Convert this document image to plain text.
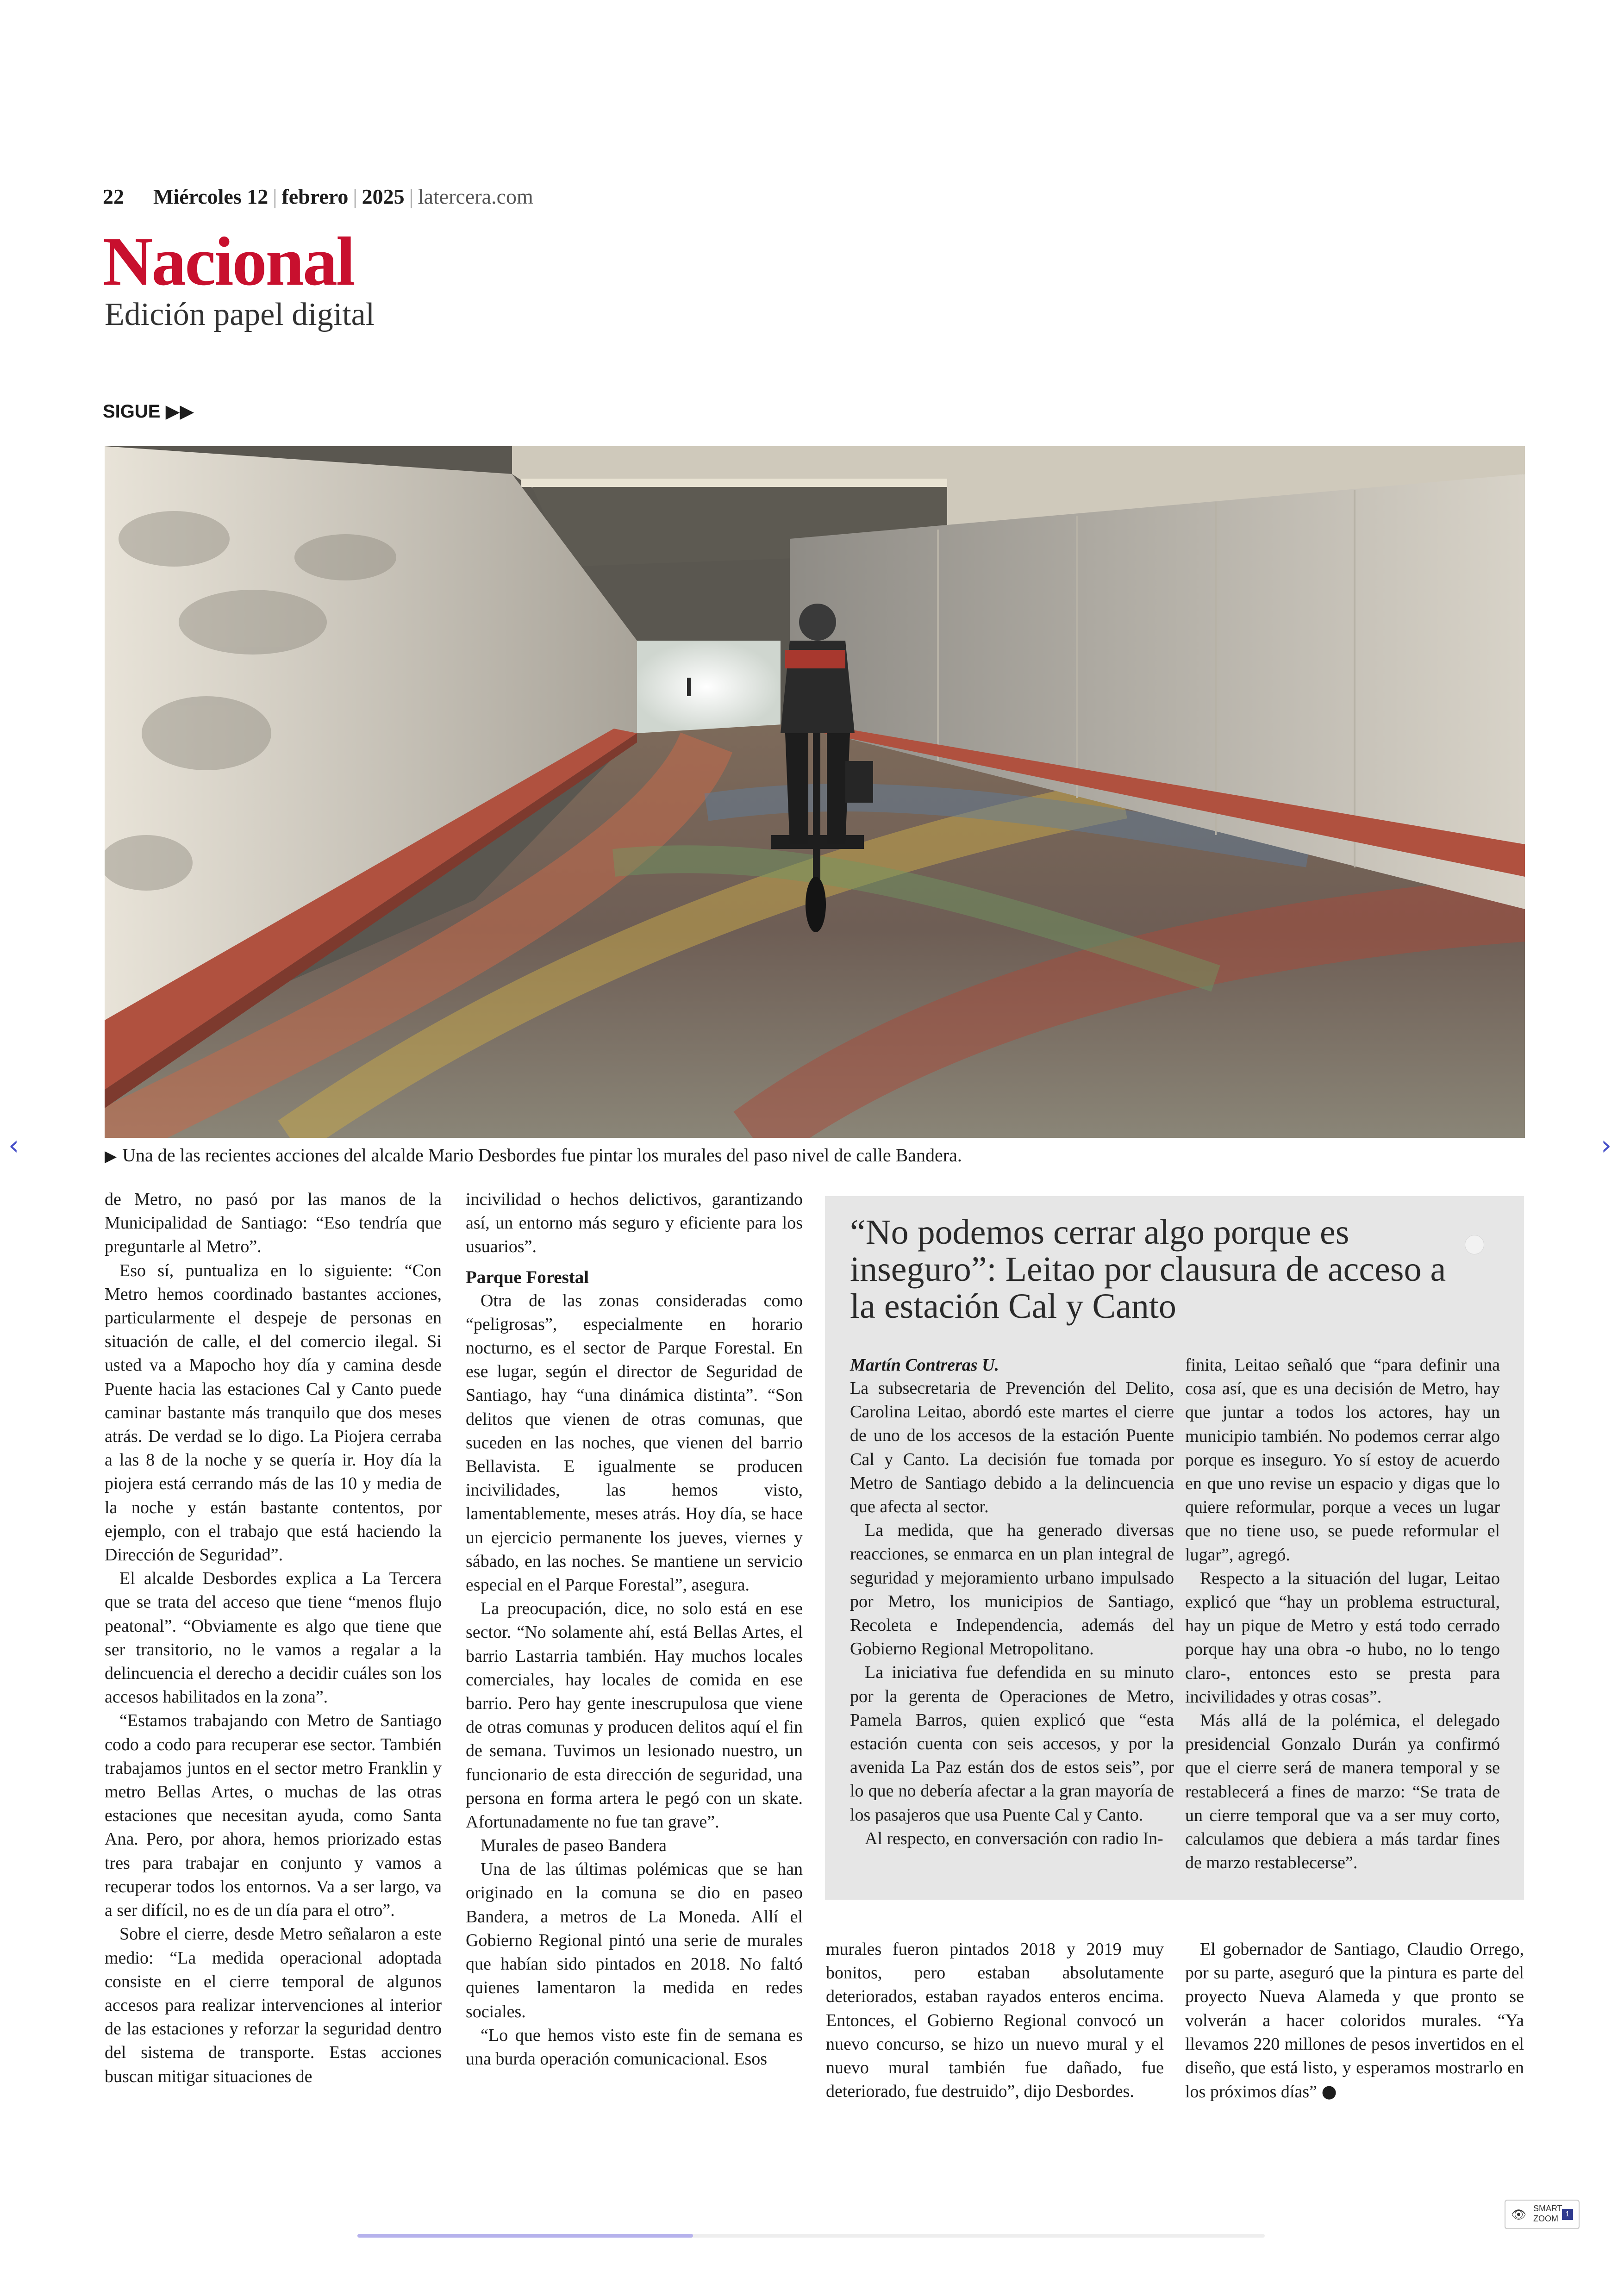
22 Miércoles 12 | febrero | 2025 | latercera.com
Nacional
Edición papel digital
SIGUE ▶▶
▶ Una de las recientes acciones del alcalde Mario Desbordes fue pintar los murales del paso nivel de calle Bandera.

de Metro, no pasó por las manos de la Municipalidad de Santiago: “Eso tendría que preguntarle al Metro”.

Eso sí, puntualiza en lo siguiente: “Con Metro hemos coordinado bastantes acciones, particularmente el despeje de personas en situación de calle, el del comercio ilegal. Si usted va a Mapocho hoy día y camina desde Puente hacia las estaciones Cal y Canto puede caminar bastante más tranquilo que dos meses atrás. De verdad se lo digo. La Piojera cerraba a las 8 de la noche y se quería ir. Hoy día la piojera está cerrando más de las 10 y media de la noche y están bastante contentos, por ejemplo, con el trabajo que está haciendo la Dirección de Seguridad”.

El alcalde Desbordes explica a La Tercera que se trata del acceso que tiene “menos flujo peatonal”. “Obviamente es algo que tiene que ser transitorio, no le vamos a regalar a la delincuencia el derecho a decidir cuáles son los accesos habilitados en la zona”.

“Estamos trabajando con Metro de Santiago codo a codo para recuperar ese sector. También trabajamos juntos en el sector metro Franklin y metro Bellas Artes, o muchas de las otras estaciones que necesitan ayuda, como Santa Ana. Pero, por ahora, hemos priorizado estas tres para trabajar en conjunto y vamos a recuperar todos los entornos. Va a ser largo, va a ser difícil, no es de un día para el otro”.

Sobre el cierre, desde Metro señalaron a este medio: “La medida operacional adoptada consiste en el cierre temporal de algunos accesos para realizar intervenciones al interior de las estaciones y reforzar la seguridad dentro del sistema de transporte. Estas acciones buscan mitigar situaciones de

incivilidad o hechos delictivos, garantizando así, un entorno más seguro y eficiente para los usuarios”.

Parque Forestal

Otra de las zonas consideradas como “peligrosas”, especialmente en horario nocturno, es el sector de Parque Forestal. En ese lugar, según el director de Seguridad de Santiago, hay “una dinámica distinta”. “Son delitos que vienen de otras comunas, que suceden en las noches, que vienen del barrio Bellavista. E igualmente se producen incivilidades, las hemos visto, lamentablemente, meses atrás. Hoy día, se hace un ejercicio permanente los jueves, viernes y sábado, en las noches. Se mantiene un servicio especial en el Parque Forestal”, asegura.

La preocupación, dice, no solo está en ese sector. “No solamente ahí, está Bellas Artes, el barrio Lastarria también. Hay muchos locales comerciales, hay locales de comida en ese barrio. Pero hay gente inescrupulosa que viene de otras comunas y producen delitos aquí el fin de semana. Tuvimos un lesionado nuestro, un funcionario de esta dirección de seguridad, una persona en forma artera le pegó con un skate. Afortunadamente no fue tan grave”.

Murales de paseo Bandera

Una de las últimas polémicas que se han originado en la comuna se dio en paseo Bandera, a metros de La Moneda. Allí el Gobierno Regional pintó una serie de murales que habían sido pintados en 2018. No faltó quienes lamentaron la medida en redes sociales.

“Lo que hemos visto este fin de semana es una burda operación comunicacional. Esos

“No podemos cerrar algo porque es inseguro”: Leitao por clausura de acceso a la estación Cal y Canto
Martín Contreras U.

La subsecretaria de Prevención del Delito, Carolina Leitao, abordó este martes el cierre de uno de los accesos de la estación Puente Cal y Canto. La decisión fue tomada por Metro de Santiago debido a la delincuencia que afecta al sector.

La medida, que ha generado diversas reacciones, se enmarca en un plan integral de seguridad y mejoramiento urbano impulsado por Metro, los municipios de Santiago, Recoleta e Independencia, además del Gobierno Regional Metropolitano.

La iniciativa fue defendida en su minuto por la gerenta de Operaciones de Metro, Pamela Barros, quien explicó que “esta estación cuenta con seis accesos, y por la avenida La Paz están dos de estos seis”, por lo que no debería afectar a la gran mayoría de los pasajeros que usa Puente Cal y Canto.

Al respecto, en conversación con radio In-

finita, Leitao señaló que “para definir una cosa así, que es una decisión de Metro, hay que juntar a todos los actores, hay un municipio también. No podemos cerrar algo porque es inseguro. Yo sí estoy de acuerdo en que uno revise un espacio y digas que lo quiere reformular, porque a veces un lugar que no tiene uso, se puede reformular el lugar”, agregó.

Respecto a la situación del lugar, Leitao explicó que “hay un problema estructural, hay un pique de Metro y está todo cerrado porque hay una obra -o hubo, no lo tengo claro-, entonces esto se presta para incivilidades y otras cosas”.

Más allá de la polémica, el delegado presidencial Gonzalo Durán ya confirmó que el cierre será de manera temporal y se restablecerá a fines de marzo: “Se trata de un cierre temporal que va a ser muy corto, calculamos que debiera a más tardar fines de marzo restablecerse”.

murales fueron pintados 2018 y 2019 muy bonitos, pero estaban absolutamente deteriorados, estaban rayados enteros encima. Entonces, el Gobierno Regional convocó un nuevo concurso, se hizo un nuevo mural y el nuevo mural también fue dañado, fue deteriorado, fue destruido”, dijo Desbordes.

El gobernador de Santiago, Claudio Orrego, por su parte, aseguró que la pintura es parte del proyecto Nueva Alameda y que pronto se volverán a hacer coloridos murales. “Ya llevamos 220 millones de pesos invertidos en el diseño, que está listo, y esperamos mostrarlo en los próximos días” ●

‹	›
👁 SMART ZOOM 1
